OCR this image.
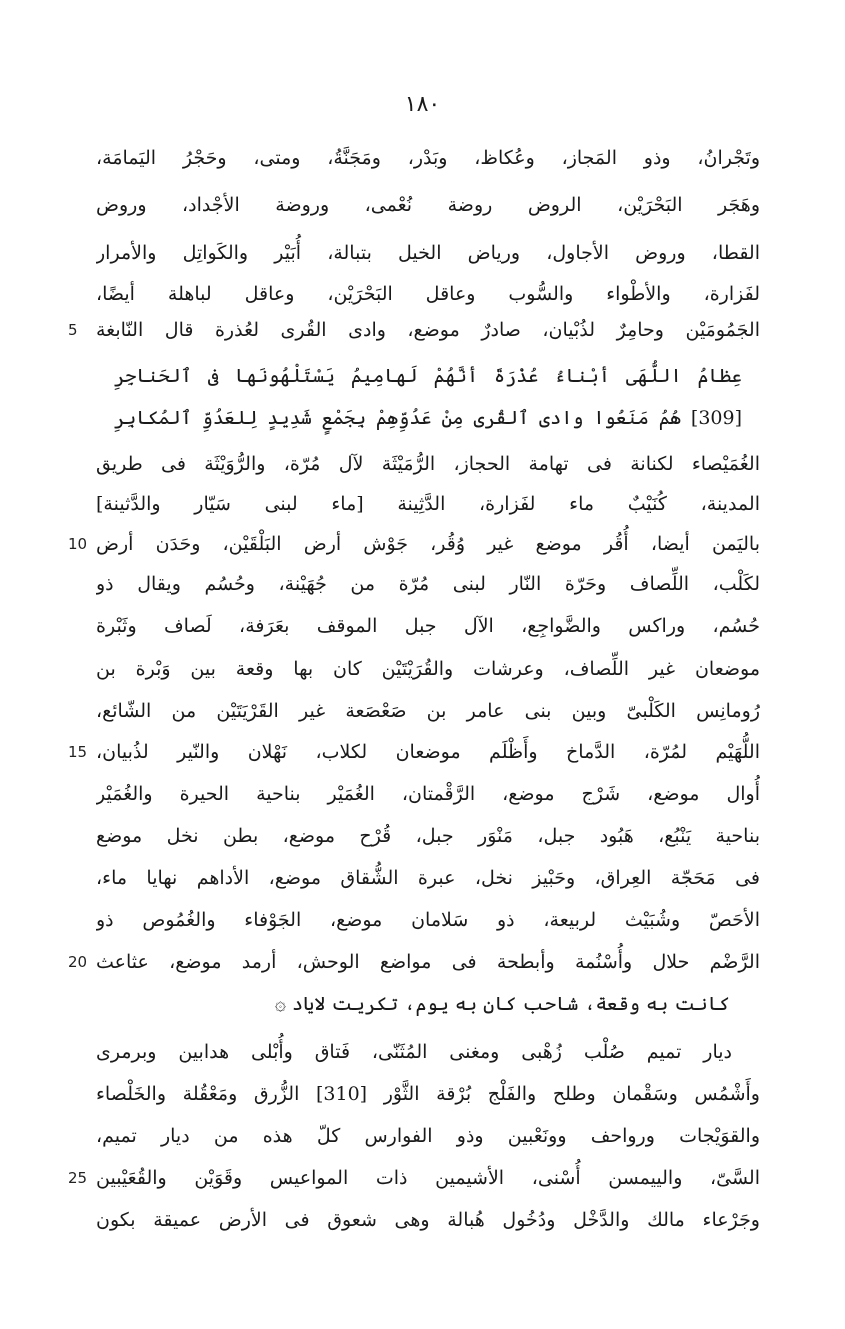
١٨٠
وتَجْرانُ، وذو المَجاز، وعُكاظ، وبَدْر، ومَجَنَّةُ، ومتى، وحَجْرُ اليَمامَة،
وهَجَر البَحْرَيْن، الروض روضة نُعْمى، وروضة الأجْداد، وروض
القطا، وروض الأجاول، ورياض الخيل بتبالة، أُبَيْر والكَواتِل والأمرار
لفَزارة، والأطْواء والسُّوب وعاقل البَحْرَيْن، وعاقل لباهلة أيضًا،
5 الجَمُومَيْن وحامِرٌ لذُبْيان، صادرٌ موضع، وادى القُرى لعُذرة قال النّابغة
عِظامُ اللُّهَى أبْناءُ عُذْرَةَ أنَّهُمْ لَهامِيمُ يَسْتَلْهُونَها فى ٱلحَناجِرِ
[309] هُمُ مَنَعُوا وادى ٱلقُرى مِنْ عَدُوِّهِمْ بِجَمْعٍ شَدِيدٍ لِلعَدُوِّ ٱلمُكابِرِ
الغُمَيْصاء لكنانة فى تهامة الحجاز، الرُّمَيْثَة لآل مُرّة، والرُّوَيْثَة فى طريق
المدينة، كُنَيْبٌ ماء لفَزارة، الدَّثِينة [ماء لبنى سَيّار والدَّثينة]
10 باليَمن أيضا، أُقُر موضع غير وُقُر، جَوْش أرض البَلْقَيْن، وحَدَن أرض
لكَلْب، اللِّصاف وحَرّة النّار لبنى مُرّة من جُهَيْنة، وحُسُم ويقال ذو
حُسُم، وراكس والضَّواجِع، الآل جبل الموقف بعَرَفة، لَصاف وثَبْرة
موضعان غير اللِّصاف، وعرشات والقُرَيْتَيْن كان بها وقعة بين وَبْرة بن
رُومانِس الكَلْبىّ وبين بنى عامر بن صَعْصَعة غير القَرْيَتَيْن من الشّائع،
15 اللُّهَيْم لمُرّة، الدَّماخ وأَظْلَم موضعان لكلاب، نَهْلان والنّير لذُبيان،
أُوال موضع، شَرْج موضع، الرَّقْمتان، الغُمَيْر بناحية الحيرة والغُمَيْر
بناحية يَنْبُع، هَبُود جبل، مَنْوَر جبل، قُرْح موضع، بطن نخل موضع
فى مَحَجّة العِراق، وحَبْيز نخل، عبرة الشُّقاق موضع، الأداهم نهايا ماء،
الأحَصّ وشُبَيْث لربيعة، ذو سَلامان موضع، الجَوْفاء والغُمُوص ذو
20 الرَّضْم حلال وأُسْنُمة وأبطحة فى مواضع الوحش، أرمد موضع، عثاعث
كانت به وقعة، شاحب كان به يوم، تكريت لاياد ۞
ديار تميم صُلْب زُهْبى ومغنى المُثَنّى، فَتاق وأُبْلى هدابين وبرمرى
وأَشْمُس وسَقْمان وطلح والفَلْج بُرْقة الثَّوْر [310] الزُّرق ومَعْقُلة والخَلْصاء
والقوَيْجات ورواحف وونَعْبين وذو الفوارس كلّ هذه من ديار تميم،
25 السَّىّ، والييمسن أُسْنى، الأشيمين ذات المواعيس وقَوَيْن والقُعَيْبين
وجَرْعاء مالك والدَّخْل ودُخُول هُبالة وهى شعوق فى الأرض عميقة بكون
